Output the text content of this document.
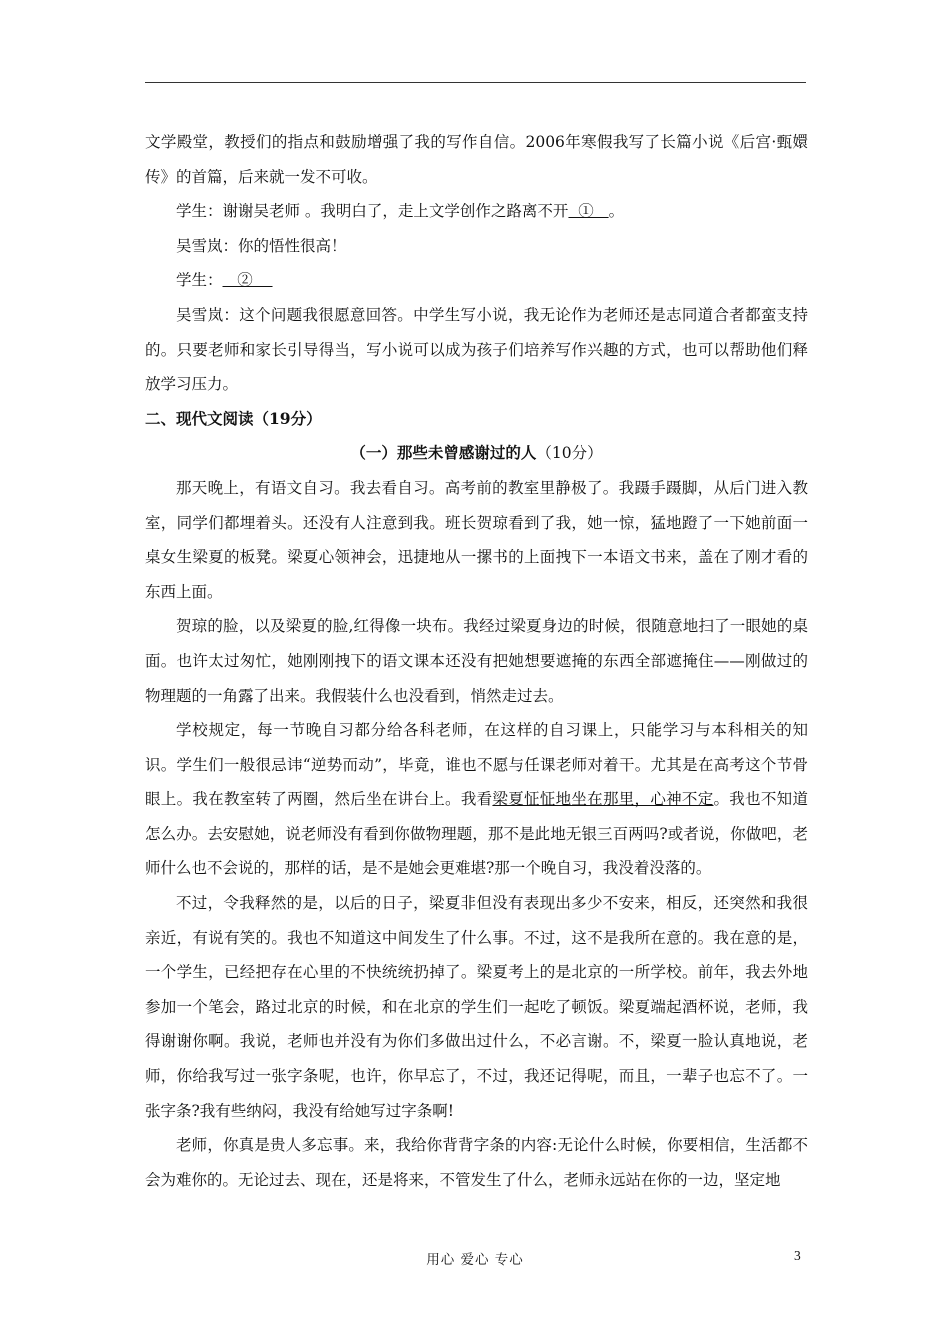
文学殿堂，教授们的指点和鼓励增强了我的写作自信。2006年寒假我写了长篇小说《后宫·甄嬛传》的首篇，后来就一发不可收。

学生：谢谢吴老师 。我明白了，走上文学创作之路离不开  ①   。

吴雪岚：你的悟性很高！

学生：   ②

吴雪岚：这个问题我很愿意回答。中学生写小说，我无论作为老师还是志同道合者都蛮支持的。只要老师和家长引导得当，写小说可以成为孩子们培养写作兴趣的方式，也可以帮助他们释放学习压力。

二、现代文阅读（19分）

（一）那些未曾感谢过的人（10分）

那天晚上，有语文自习。我去看自习。高考前的教室里静极了。我蹑手蹑脚，从后门进入教室，同学们都埋着头。还没有人注意到我。班长贺琼看到了我，她一惊，猛地蹬了一下她前面一桌女生梁夏的板凳。梁夏心领神会，迅捷地从一摞书的上面拽下一本语文书来，盖在了刚才看的东西上面。

贺琼的脸，以及梁夏的脸,红得像一块布。我经过梁夏身边的时候，很随意地扫了一眼她的桌面。也许太过匆忙，她刚刚拽下的语文课本还没有把她想要遮掩的东西全部遮掩住——刚做过的物理题的一角露了出来。我假装什么也没看到，悄然走过去。

学校规定，每一节晚自习都分给各科老师，在这样的自习课上，只能学习与本科相关的知识。学生们一般很忌讳“逆势而动”，毕竟，谁也不愿与任课老师对着干。尤其是在高考这个节骨眼上。我在教室转了两圈，然后坐在讲台上。我看梁夏怔怔地坐在那里，心神不定。我也不知道怎么办。去安慰她，说老师没有看到你做物理题，那不是此地无银三百两吗?或者说，你做吧，老师什么也不会说的，那样的话，是不是她会更难堪?那一个晚自习，我没着没落的。

不过，令我释然的是，以后的日子，梁夏非但没有表现出多少不安来，相反，还突然和我很亲近，有说有笑的。我也不知道这中间发生了什么事。不过，这不是我所在意的。我在意的是，一个学生，已经把存在心里的不快统统扔掉了。梁夏考上的是北京的一所学校。前年，我去外地参加一个笔会，路过北京的时候，和在北京的学生们一起吃了顿饭。梁夏端起酒杯说，老师，我得谢谢你啊。我说，老师也并没有为你们多做出过什么，不必言谢。不，梁夏一脸认真地说，老师，你给我写过一张字条呢，也许，你早忘了，不过，我还记得呢，而且，一辈子也忘不了。一张字条?我有些纳闷，我没有给她写过字条啊!

老师，你真是贵人多忘事。来，我给你背背字条的内容:无论什么时候，你要相信，生活都不会为难你的。无论过去、现在，还是将来，不管发生了什么，老师永远站在你的一边，坚定地

用心 爱心 专心	3
